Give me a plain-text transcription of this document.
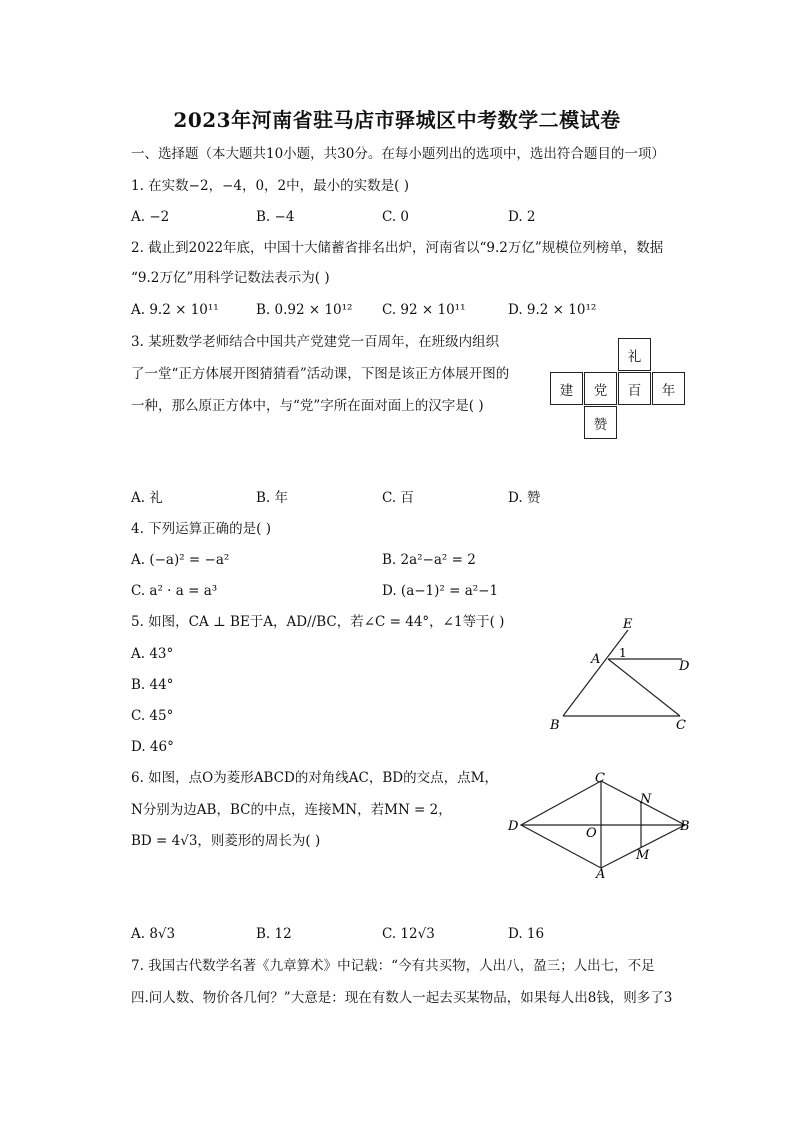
2023年河南省驻马店市驿城区中考数学二模试卷
一、选择题（本大题共10小题，共30分。在每小题列出的选项中，选出符合题目的一项）
1. 在实数−2，−4，0，2中，最小的实数是( )
A. −2	B. −4	C. 0	D. 2
2. 截止到2022年底，中国十大储蓄省排名出炉，河南省以“9.2万亿”规模位列榜单，数据
“9.2万亿”用科学记数法表示为( )
A. 9.2 × 10¹¹	B. 0.92 × 10¹² C. 92 × 10¹¹	D. 9.2 × 10¹²
3. 某班数学老师结合中国共产党建党一百周年，在班级内组织
了一堂“正方体展开图猜猜看”活动课，下图是该正方体展开图的
一种，那么原正方体中，与“党”字所在面对面上的汉字是( )
礼
建	党	百	年
赞
A. 礼	B. 年	C. 百	D. 赞
4. 下列运算正确的是( )
A. (−a)² = −a²	B. 2a²−a² = 2
C. a² · a = a³	D. (a−1)² = a²−1
5. 如图，CA ⊥ BE于A，AD//BC，若∠C = 44°，∠1等于( )
A. 43°
B. 44°
C. 45°
D. 46°
E
A 1
D
B	C
6. 如图，点O为菱形ABCD的对角线AC，BD的交点，点M，
N分别为边AB，BC的中点，连接MN，若MN = 2，
BD = 4√3，则菱形的周长为( )
C
N
D	O	B
M
A
A. 8√3	B. 12	C. 12√3	D. 16
7. 我国古代数学名著《九章算术》中记载：“今有共买物，人出八，盈三；人出七，不足
四.问人数、物价各几何？”大意是：现在有数人一起去买某物品，如果每人出8钱，则多了3
